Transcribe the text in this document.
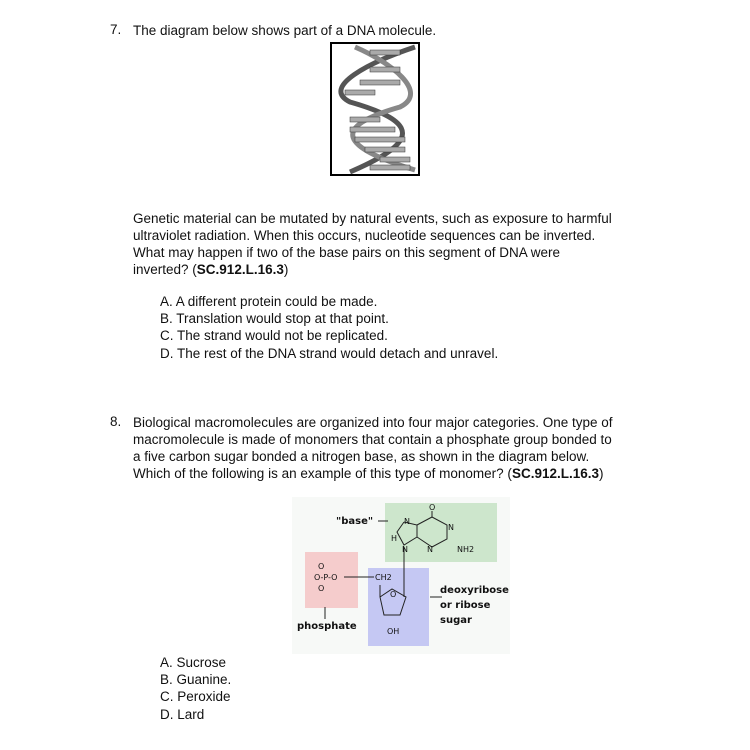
7. The diagram below shows part of a DNA molecule.
Genetic material can be mutated by natural events, such as exposure to harmful
ultraviolet radiation. When this occurs, nucleotide sequences can be inverted.
What may happen if two of the base pairs on this segment of DNA were
inverted? (SC.912.L.16.3)
A. A different protein could be made.
B. Translation would stop at that point.
C. The strand would not be replicated.
D. The rest of the DNA strand would detach and unravel.
8. Biological macromolecules are organized into four major categories. One type of
macromolecule is made of monomers that contain a phosphate group bonded to
a five carbon sugar bonded a nitrogen base, as shown in the diagram below.
Which of the following is an example of this type of monomer? (SC.912.L.16.3)
"base"
phosphate
deoxyribose
or ribose
sugar
O
N
N
N N
H
NH2
O
O-P-O
O
CH2
O
OH
A. Sucrose
B. Guanine.
C. Peroxide
D. Lard
